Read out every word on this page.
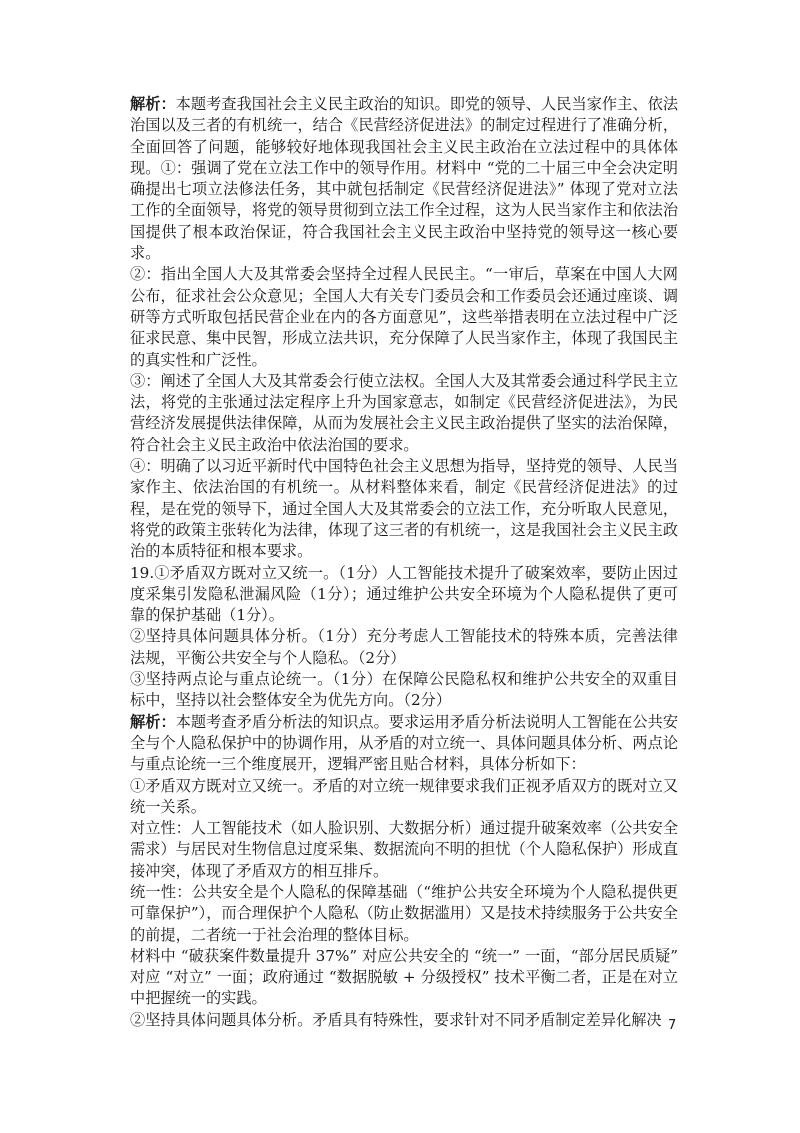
解析：本题考查我国社会主义民主政治的知识。即党的领导、人民当家作主、依法治国以及三者的有机统一，结合《民营经济促进法》的制定过程进行了准确分析，全面回答了问题，能够较好地体现我国社会主义民主政治在立法过程中的具体体现。①：强调了党在立法工作中的领导作用。材料中 “党的二十届三中全会决定明确提出七项立法修法任务，其中就包括制定《民营经济促进法》” 体现了党对立法工作的全面领导，将党的领导贯彻到立法工作全过程，这为人民当家作主和依法治国提供了根本政治保证，符合我国社会主义民主政治中坚持党的领导这一核心要求。

②：指出全国人大及其常委会坚持全过程人民民主。“一审后，草案在中国人大网公布，征求社会公众意见；全国人大有关专门委员会和工作委员会还通过座谈、调研等方式听取包括民营企业在内的各方面意见”，这些举措表明在立法过程中广泛征求民意、集中民智，形成立法共识，充分保障了人民当家作主，体现了我国民主的真实性和广泛性。

③：阐述了全国人大及其常委会行使立法权。全国人大及其常委会通过科学民主立法，将党的主张通过法定程序上升为国家意志，如制定《民营经济促进法》，为民营经济发展提供法律保障，从而为发展社会主义民主政治提供了坚实的法治保障，符合社会主义民主政治中依法治国的要求。

④：明确了以习近平新时代中国特色社会主义思想为指导，坚持党的领导、人民当家作主、依法治国的有机统一。从材料整体来看，制定《民营经济促进法》的过程，是在党的领导下，通过全国人大及其常委会的立法工作，充分听取人民意见，将党的政策主张转化为法律，体现了这三者的有机统一，这是我国社会主义民主政治的本质特征和根本要求。

19.①矛盾双方既对立又统一。（1分）人工智能技术提升了破案效率，要防止因过度采集引发隐私泄漏风险（1分）；通过维护公共安全环境为个人隐私提供了更可靠的保护基础（1分）。

②坚持具体问题具体分析。（1分）充分考虑人工智能技术的特殊本质，完善法律法规，平衡公共安全与个人隐私。（2分）

③坚持两点论与重点论统一。（1分）在保障公民隐私权和维护公共安全的双重目标中，坚持以社会整体安全为优先方向。（2分）

解析：本题考查矛盾分析法的知识点。要求运用矛盾分析法说明人工智能在公共安全与个人隐私保护中的协调作用，从矛盾的对立统一、具体问题具体分析、两点论与重点论统一三个维度展开，逻辑严密且贴合材料，具体分析如下：

①矛盾双方既对立又统一。矛盾的对立统一规律要求我们正视矛盾双方的既对立又统一关系。

对立性：人工智能技术（如人脸识别、大数据分析）通过提升破案效率（公共安全需求）与居民对生物信息过度采集、数据流向不明的担忧（个人隐私保护）形成直接冲突，体现了矛盾双方的相互排斥。

统一性：公共安全是个人隐私的保障基础（“维护公共安全环境为个人隐私提供更可靠保护”），而合理保护个人隐私（防止数据滥用）又是技术持续服务于公共安全的前提，二者统一于社会治理的整体目标。

材料中 “破获案件数量提升 37%” 对应公共安全的 “统一” 一面，“部分居民质疑” 对应 “对立” 一面；政府通过 “数据脱敏 + 分级授权” 技术平衡二者，正是在对立中把握统一的实践。

②坚持具体问题具体分析。矛盾具有特殊性，要求针对不同矛盾制定差异化解决 7
